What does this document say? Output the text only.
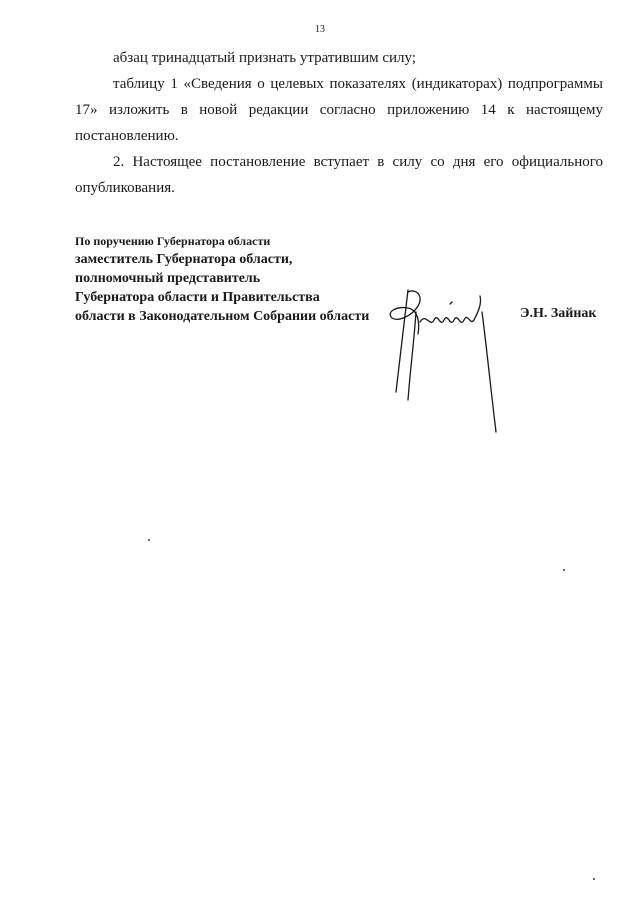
13
абзац тринадцатый признать утратившим силу;
таблицу 1 «Сведения о целевых показателях (индикаторах) подпрограммы 17» изложить в новой редакции согласно приложению 14 к настоящему постановлению.
2. Настоящее постановление вступает в силу со дня его официального опубликования.
По поручению Губернатора области
заместитель Губернатора области,
полномочный представитель
Губернатора области и Правительства
области в Законодательном Собрании области	Э.Н. Зайнак
